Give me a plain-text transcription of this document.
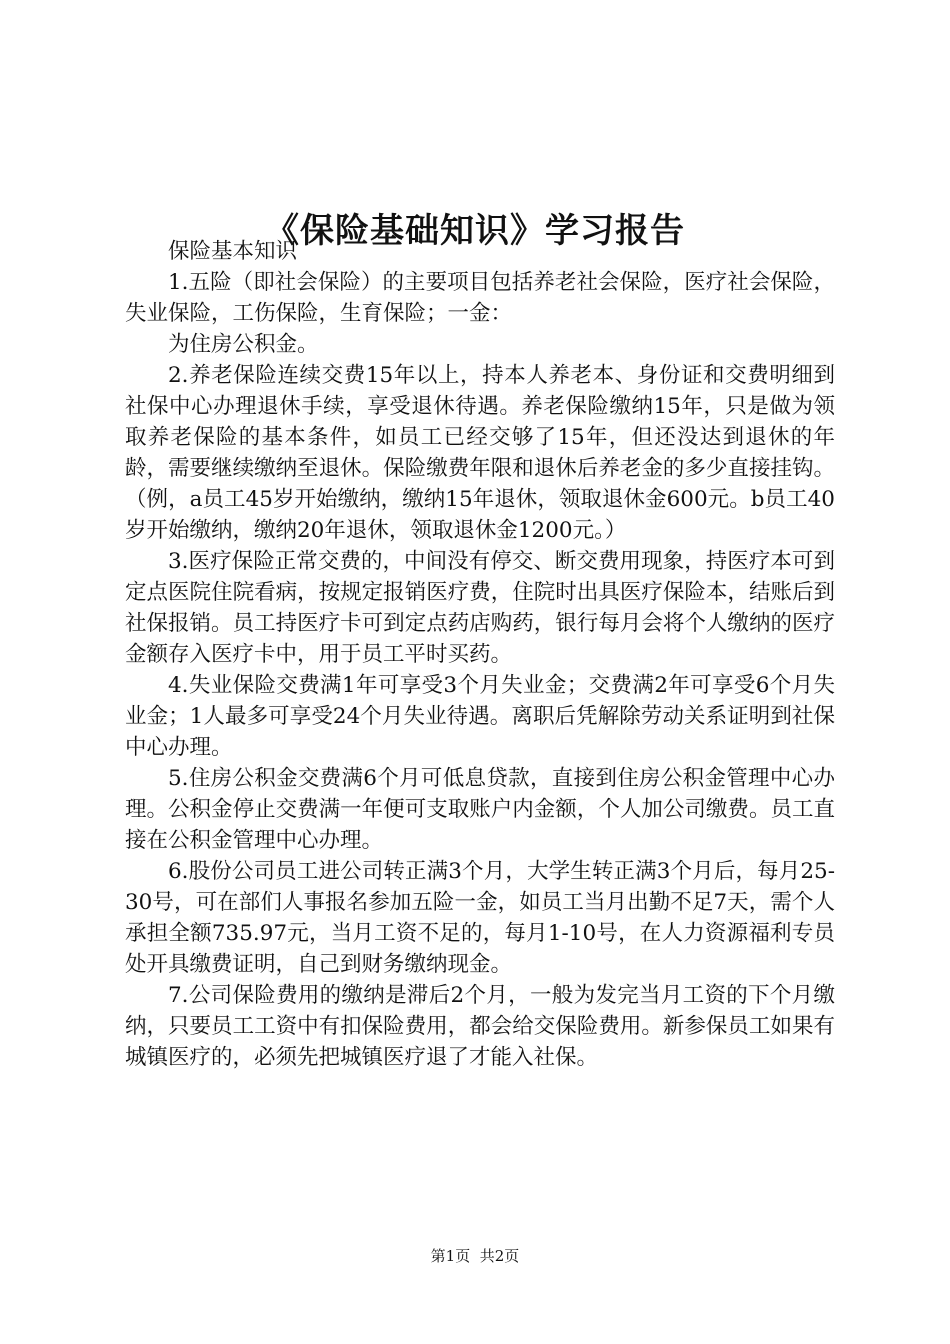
《保险基础知识》学习报告

保险基本知识

1.五险（即社会保险）的主要项目包括养老社会保险，医疗社会保险，失业保险，工伤保险，生育保险；一金：

为住房公积金。

2.养老保险连续交费15年以上，持本人养老本、身份证和交费明细到社保中心办理退休手续，享受退休待遇。养老保险缴纳15年，只是做为领取养老保险的基本条件，如员工已经交够了15年，但还没达到退休的年龄，需要继续缴纳至退休。保险缴费年限和退休后养老金的多少直接挂钩。（例，a员工45岁开始缴纳，缴纳15年退休，领取退休金600元。b员工40岁开始缴纳，缴纳20年退休，领取退休金1200元。）

3.医疗保险正常交费的，中间没有停交、断交费用现象，持医疗本可到定点医院住院看病，按规定报销医疗费，住院时出具医疗保险本，结账后到社保报销。员工持医疗卡可到定点药店购药，银行每月会将个人缴纳的医疗金额存入医疗卡中，用于员工平时买药。

4.失业保险交费满1年可享受3个月失业金；交费满2年可享受6个月失业金；1人最多可享受24个月失业待遇。离职后凭解除劳动关系证明到社保中心办理。

5.住房公积金交费满6个月可低息贷款，直接到住房公积金管理中心办理。公积金停止交费满一年便可支取账户内金额，个人加公司缴费。员工直接在公积金管理中心办理。

6.股份公司员工进公司转正满3个月，大学生转正满3个月后，每月25-30号，可在部们人事报名参加五险一金，如员工当月出勤不足7天，需个人承担全额735.97元，当月工资不足的，每月1-10号，在人力资源福利专员处开具缴费证明，自己到财务缴纳现金。

7.公司保险费用的缴纳是滞后2个月，一般为发完当月工资的下个月缴纳，只要员工工资中有扣保险费用，都会给交保险费用。新参保员工如果有城镇医疗的，必须先把城镇医疗退了才能入社保。

第1页 共2页
